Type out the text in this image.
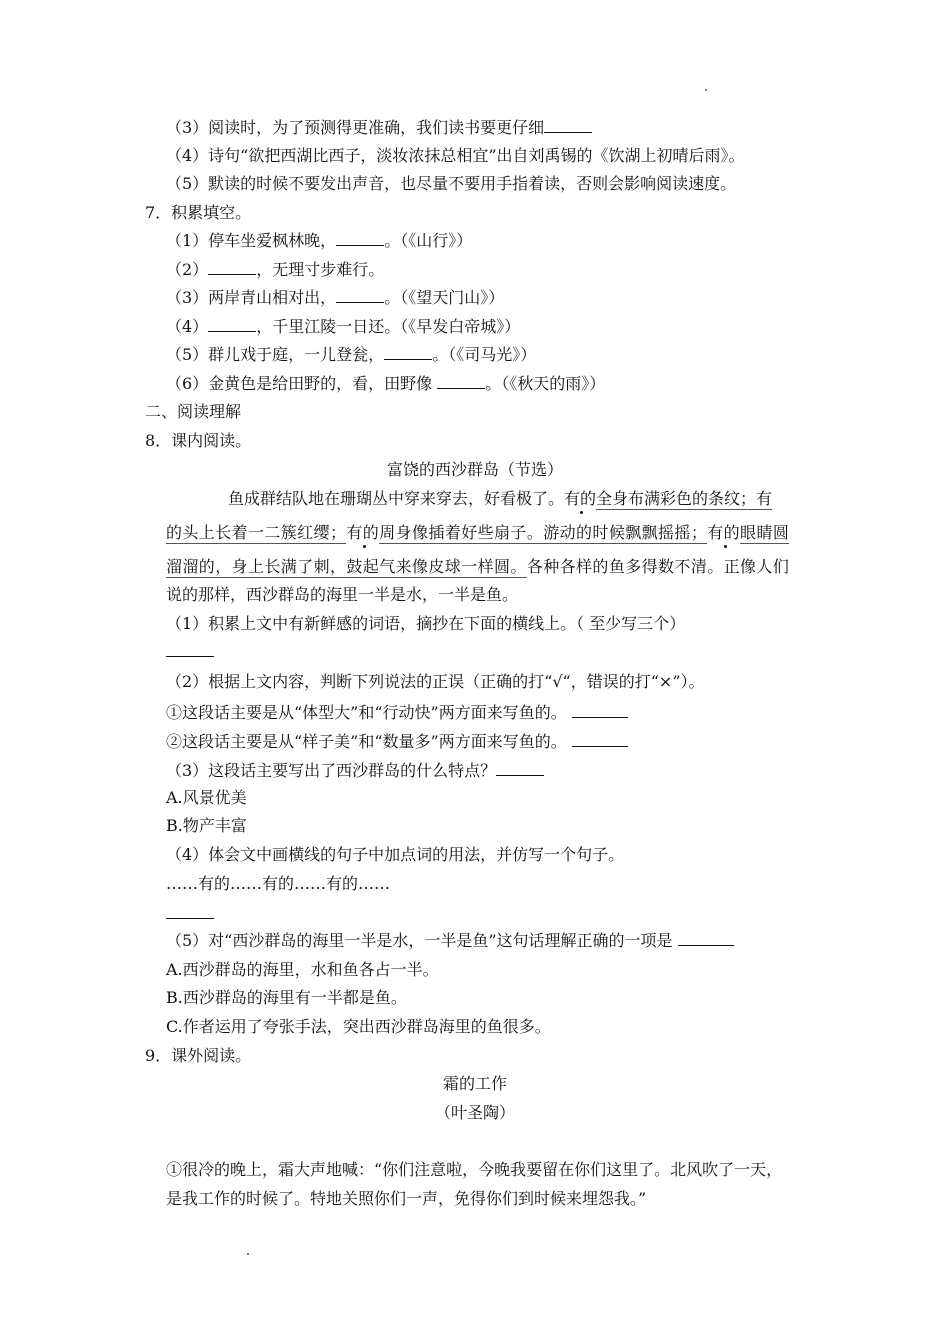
（3）阅读时，为了预测得更准确，我们读书要更仔细
（4）诗句“欲把西湖比西子，淡妆浓抹总相宜”出自刘禹锡的《饮湖上初晴后雨》。
（5）默读的时候不要发出声音，也尽量不要用手指着读，否则会影响阅读速度。
7．积累填空。
（1）停车坐爱枫林晚，	。（《山行》）
（2）	，无理寸步难行。
（3）两岸青山相对出，	。（《望天门山》）
（4）	，千里江陵一日还。（《早发白帝城》）
（5）群儿戏于庭，一儿登瓮，	。（《司马光》）
（6）金黄色是给田野的，看，田野像	。（《秋天的雨》）
二、阅读理解
8．课内阅读。
富饶的西沙群岛（节选）
鱼成群结队地在珊瑚丛中穿来穿去，好看极了。有的全身布满彩色的条纹；有
的头上长着一二簇红缨；有的周身像插着好些扇子。游动的时候飘飘摇摇；有的眼睛圆
溜溜的，身上长满了刺，鼓起气来像皮球一样圆。各种各样的鱼多得数不清。正像人们
说的那样，西沙群岛的海里一半是水，一半是鱼。
（1）积累上文中有新鲜感的词语，摘抄在下面的横线上。（ 至少写三个）
（2）根据上文内容，判断下列说法的正误（正确的打“√“，错误的打“×”）。
①这段话主要是从“体型大”和“行动快”两方面来写鱼的。
②这段话主要是从“样子美”和“数量多”两方面来写鱼的。
（3）这段话主要写出了西沙群岛的什么特点？
A.风景优美
B.物产丰富
（4）体会文中画横线的句子中加点词的用法，并仿写一个句子。
……有的……有的……有的……
（5）对“西沙群岛的海里一半是水，一半是鱼”这句话理解正确的一项是
A.西沙群岛的海里，水和鱼各占一半。
B.西沙群岛的海里有一半都是鱼。
C.作者运用了夸张手法，突出西沙群岛海里的鱼很多。
9．课外阅读。
霜的工作
（叶圣陶）
①很冷的晚上，霜大声地喊：“你们注意啦，今晚我要留在你们这里了。北风吹了一天，
是我工作的时候了。特地关照你们一声，免得你们到时候来埋怨我。”
